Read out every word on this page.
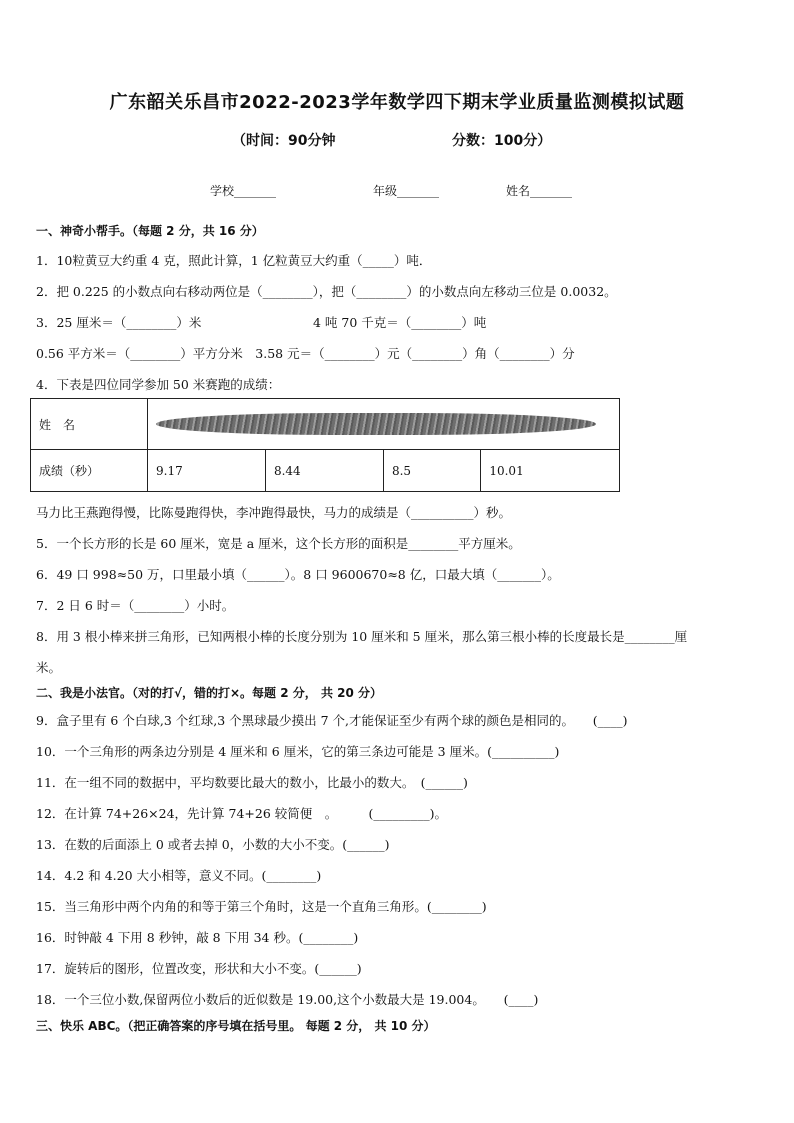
广东韶关乐昌市2022-2023学年数学四下期末学业质量监测模拟试题
（时间：90分钟	分数：100分）
学校_______	年级_______	姓名_______
一、神奇小帮手。（每题 2 分，共 16 分）
1．10粒黄豆大约重 4 克，照此计算，1 亿粒黄豆大约重（_____）吨．
2．把 0.225 的小数点向右移动两位是（________），把（________）的小数点向左移动三位是 0.0032。
3．25 厘米＝（________）米	4 吨 70 千克＝（________）吨
0.56 平方米＝（________）平方分米　3.58 元＝（________）元（________）角（________）分
4．下表是四位同学参加 50 米赛跑的成绩：
姓　名				

成绩（秒）	9.17	8.44	8.5	10.01
马力比王燕跑得慢，比陈曼跑得快，李冲跑得最快，马力的成绩是（__________）秒。
5．一个长方形的长是 60 厘米，宽是 a 厘米，这个长方形的面积是________平方厘米。
6．49 口 998≈50 万，口里最小填（______）。8 口 9600670≈8 亿，口最大填（_______）。
7．2 日 6 时＝（________）小时。
8．用 3 根小棒来拼三角形，已知两根小棒的长度分别为 10 厘米和 5 厘米，那么第三根小棒的长度最长是________厘
米。
二、我是小法官。（对的打√，错的打×。每题 2 分， 共 20 分）
9．盒子里有 6 个白球,3 个红球,3 个黑球最少摸出 7 个,才能保证至少有两个球的颜色是相同的。　　(____)
10．一个三角形的两条边分别是 4 厘米和 6 厘米，它的第三条边可能是 3 厘米。(__________)
11．在一组不同的数据中，平均数要比最大的数小，比最小的数大。　(______)
12．在计算 74+26×24，先计算 74+26 较简便　。　　　(_________)。
13．在数的后面添上 0 或者去掉 0，小数的大小不变。(______)
14．4.2 和 4.20 大小相等，意义不同。(________)
15．当三角形中两个内角的和等于第三个角时，这是一个直角三角形。(________)
16．时钟敲 4 下用 8 秒钟，敲 8 下用 34 秒。(________)
17．旋转后的图形，位置改变，形状和大小不变。(______)
18．一个三位小数,保留两位小数后的近似数是 19.00,这个小数最大是 19.004。　　(____)
三、快乐 ABC。（把正确答案的序号填在括号里。 每题 2 分， 共 10 分）
